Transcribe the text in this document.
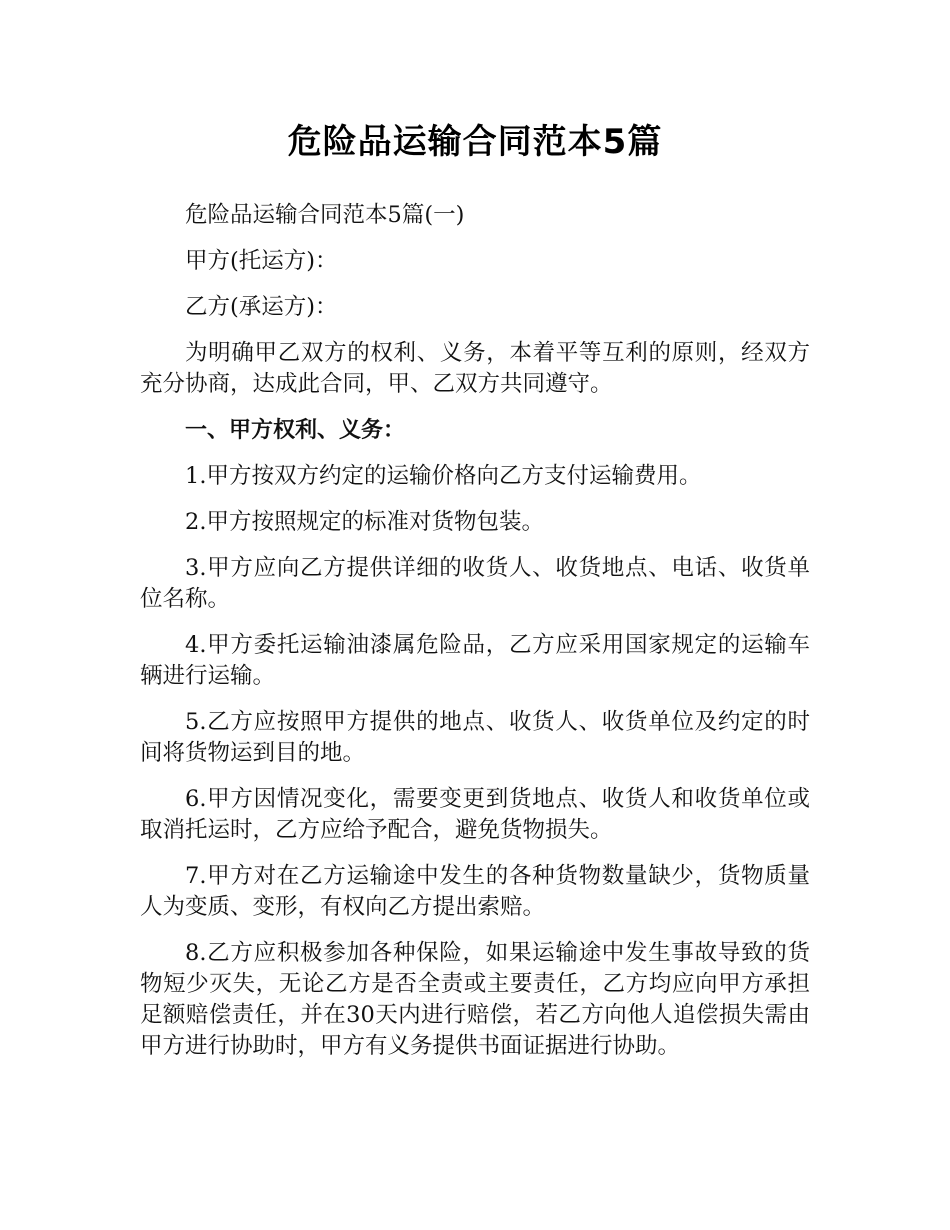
危险品运输合同范本5篇

危险品运输合同范本5篇(一)

甲方(托运方)：

乙方(承运方)：

为明确甲乙双方的权利、义务，本着平等互利的原则，经双方充分协商，达成此合同，甲、乙双方共同遵守。

一、甲方权利、义务：

1.甲方按双方约定的运输价格向乙方支付运输费用。

2.甲方按照规定的标准对货物包装。

3.甲方应向乙方提供详细的收货人、收货地点、电话、收货单位名称。

4.甲方委托运输油漆属危险品，乙方应采用国家规定的运输车辆进行运输。

5.乙方应按照甲方提供的地点、收货人、收货单位及约定的时间将货物运到目的地。

6.甲方因情况变化，需要变更到货地点、收货人和收货单位或取消托运时，乙方应给予配合，避免货物损失。

7.甲方对在乙方运输途中发生的各种货物数量缺少，货物质量人为变质、变形，有权向乙方提出索赔。

8.乙方应积极参加各种保险，如果运输途中发生事故导致的货物短少灭失，无论乙方是否全责或主要责任，乙方均应向甲方承担足额赔偿责任，并在30天内进行赔偿，若乙方向他人追偿损失需由甲方进行协助时，甲方有义务提供书面证据进行协助。
